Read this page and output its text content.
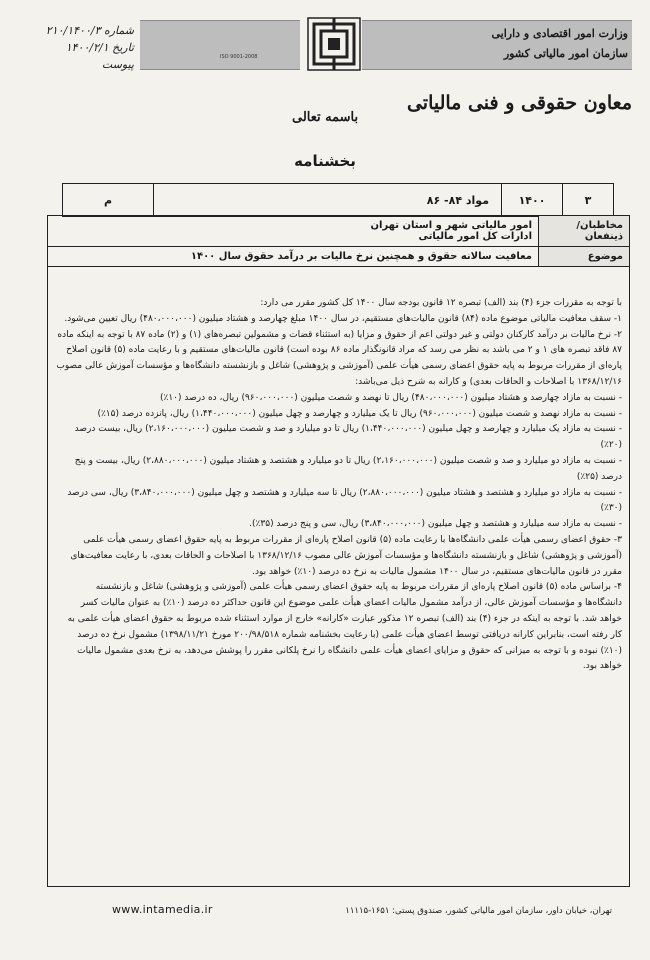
شماره ۲۱۰/۱۴۰۰/۳
تاریخ ۱۴۰۰/۲/۱
پیوست
ISO 9001-2008
وزارت امور اقتصادی و دارایی
سازمان امور مالیاتی کشور
معاون حقوقی و فنی مالیاتی
باسمه تعالی
بخشنامه
۳	۱۴۰۰	مواد ۸۴- ۸۶	م
مخاطبان/ذینفعان	امور مالیاتی شهر و استان تهران
ادارات کل امور مالیاتی

موضوع	معافیت سالانه حقوق و همچنین نرخ مالیات بر درآمد حقوق سال ۱۴۰۰

با توجه به مقررات جزء (۴) بند (الف) تبصره ۱۲ قانون بودجه سال ۱۴۰۰ کل کشور مقرر می دارد:

۱- سقف معافیت مالیاتی موضوع ماده (۸۴) قانون مالیات‌های مستقیم، در سال ۱۴۰۰ مبلغ چهارصد و هشتاد میلیون (۴۸۰،۰۰۰،۰۰۰) ریال تعیین می‌شود.

۲- نرخ مالیات بر درآمد کارکنان دولتی و غیر دولتی اعم از حقوق و مزایا (به استثناء قضات و مشمولین تبصره‌های (۱) و (۲) ماده ۸۷ با توجه به اینکه ماده ۸۷ فاقد تبصره های ۱ و ۲ می باشد به نظر می رسد که مراد قانونگذار ماده ۸۶ بوده است) قانون مالیات‌های مستقیم و با رعایت ماده (۵) قانون اصلاح پاره‌ای از مقررات مربوط به پایه حقوق اعضای رسمی هیأت علمی (آموزشی و پژوهشی) شاغل و بازنشسته دانشگاه‌ها و مؤسسات آموزش عالی مصوب ۱۳۶۸/۱۲/۱۶ با اصلاحات و الحاقات بعدی) و کارانه به شرح ذیل می‌باشد:

- نسبت به مازاد چهارصد و هشتاد میلیون (۴۸۰،۰۰۰،۰۰۰) ریال تا نهصد و شصت میلیون (۹۶۰،۰۰۰،۰۰۰) ریال، ده درصد (۱۰٪)

- نسبت به مازاد نهصد و شصت میلیون (۹۶۰،۰۰۰،۰۰۰) ریال تا یک میلیارد و چهارصد و چهل میلیون (۱،۴۴۰،۰۰۰،۰۰۰) ریال، پانزده درصد (۱۵٪)

- نسبت به مازاد یک میلیارد و چهارصد و چهل میلیون (۱،۴۴۰،۰۰۰،۰۰۰) ریال تا دو میلیارد و صد و شصت میلیون (۲،۱۶۰،۰۰۰،۰۰۰) ریال، بیست درصد (۲۰٪)

- نسبت به مازاد دو میلیارد و صد و شصت میلیون (۲،۱۶۰،۰۰۰،۰۰۰) ریال تا دو میلیارد و هشتصد و هشتاد میلیون (۲،۸۸۰،۰۰۰،۰۰۰) ریال، بیست و پنج درصد (۲۵٪)

- نسبت به مازاد دو میلیارد و هشتصد و هشتاد میلیون (۲،۸۸۰،۰۰۰،۰۰۰) ریال تا سه میلیارد و هشتصد و چهل میلیون (۳،۸۴۰،۰۰۰،۰۰۰) ریال، سی درصد (۳۰٪)

- نسبت به مازاد سه میلیارد و هشتصد و چهل میلیون (۳،۸۴۰،۰۰۰،۰۰۰) ریال، سی و پنج درصد (۳۵٪).

۳- حقوق اعضای رسمی هیأت علمی دانشگاه‌ها با رعایت ماده (۵) قانون اصلاح پاره‌ای از مقررات مربوط به پایه حقوق اعضای رسمی هیأت علمی (آموزشی و پژوهشی) شاغل و بازنشسته دانشگاه‌ها و مؤسسات آموزش عالی مصوب ۱۳۶۸/۱۲/۱۶ با اصلاحات و الحاقات بعدی، با رعایت معافیت‌های مقرر در قانون مالیات‌های مستقیم، در سال ۱۴۰۰ مشمول مالیات به نرخ ده درصد (۱۰٪) خواهد بود.

۴- براساس ماده (۵) قانون اصلاح پاره‌ای از مقررات مربوط به پایه حقوق اعضای رسمی هیأت علمی (آموزشی و پژوهشی) شاغل و بازنشسته دانشگاه‌ها و مؤسسات آموزش عالی، از درآمد مشمول مالیات اعضای هیأت علمی موضوع این قانون حداکثر ده درصد (۱۰٪) به عنوان مالیات کسر خواهد شد. با توجه به اینکه در جزء (۴) بند (الف) تبصره ۱۲ مذکور عبارت «کارانه» خارج از موارد استثناء شده مربوط به حقوق اعضای هیأت علمی به کار رفته است، بنابراین کارانه دریافتی توسط اعضای هیأت علمی (با رعایت بخشنامه شماره ۲۰۰/۹۸/۵۱۸ مورخ ۱۳۹۸/۱۱/۲۱) مشمول نرخ ده درصد (۱۰٪) نبوده و با توجه به میزانی که حقوق و مزایای اعضای هیأت علمی دانشگاه را نرخ پلکانی مقرر را پوشش می‌دهد، به نرخ بعدی مشمول مالیات خواهد بود.

www.intamedia.ir	تهران، خیابان داور، سازمان امور مالیاتی کشور، صندوق پستی: ۱۶۵۱-۱۱۱۱۵
